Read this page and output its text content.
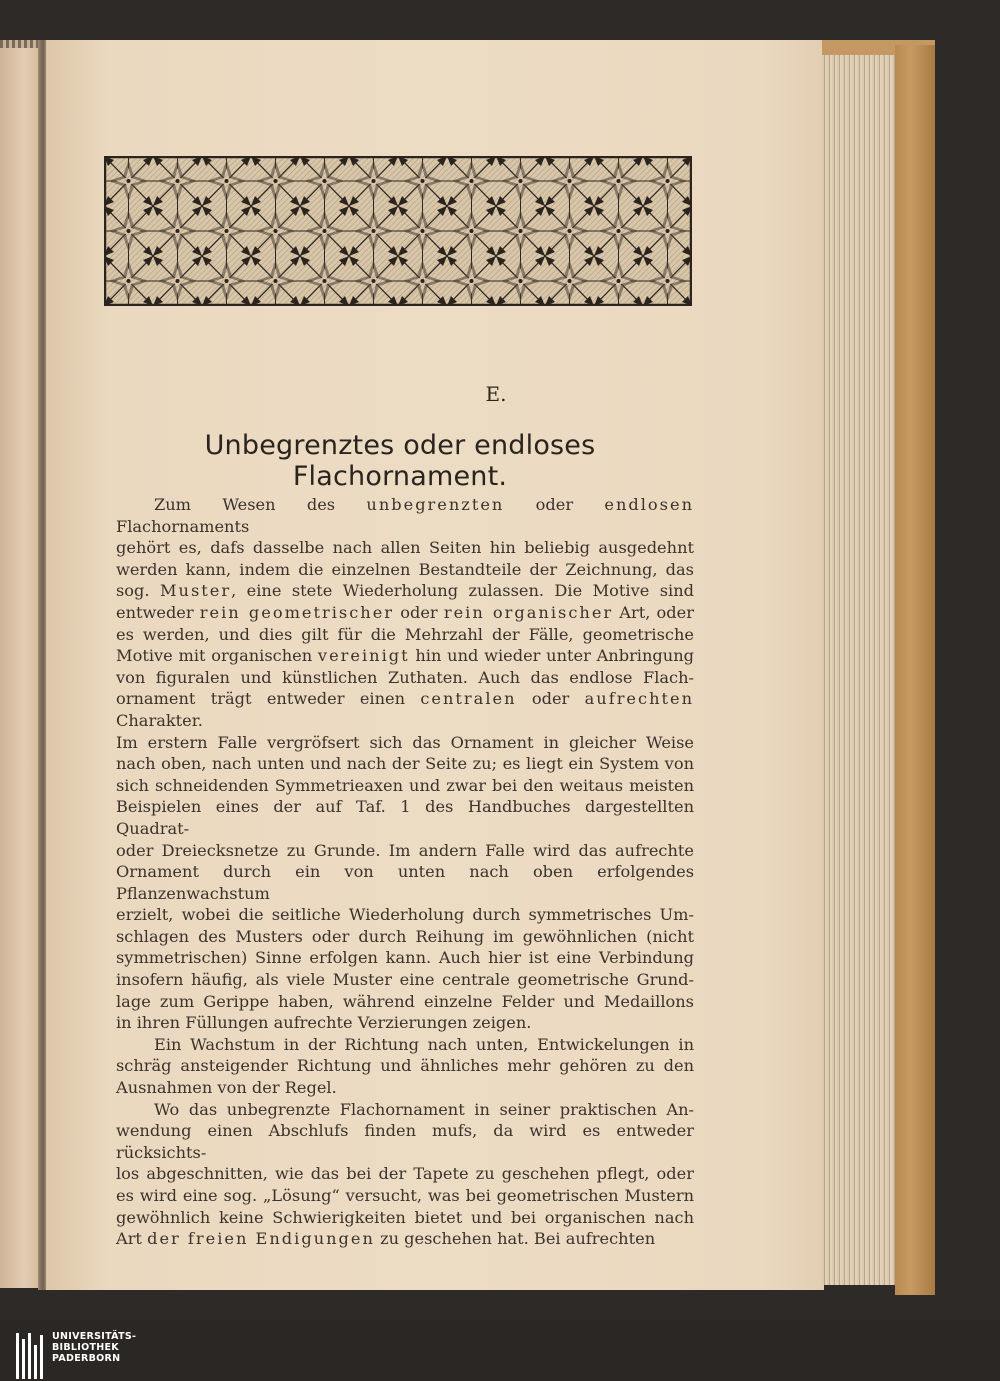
E.
Unbegrenztes oder endloses Flachornament.

Zum Wesen des unbegrenzten oder endlosen Flachornaments

gehört es, dafs dasselbe nach allen Seiten hin beliebig ausgedehnt

werden kann, indem die einzelnen Bestandteile der Zeichnung, das

sog. Muster, eine stete Wiederholung zulassen. Die Motive sind

entweder rein geometrischer oder rein organischer Art, oder

es werden, und dies gilt für die Mehrzahl der Fälle, geometrische

Motive mit organischen vereinigt hin und wieder unter Anbringung

von figuralen und künstlichen Zuthaten. Auch das endlose Flach-

ornament trägt entweder einen centralen oder aufrechten Charakter.

Im erstern Falle vergröfsert sich das Ornament in gleicher Weise

nach oben, nach unten und nach der Seite zu; es liegt ein System von

sich schneidenden Symmetrieaxen und zwar bei den weitaus meisten

Beispielen eines der auf Taf. 1 des Handbuches dargestellten Quadrat-

oder Dreiecksnetze zu Grunde. Im andern Falle wird das aufrechte

Ornament durch ein von unten nach oben erfolgendes Pflanzenwachstum

erzielt, wobei die seitliche Wiederholung durch symmetrisches Um-

schlagen des Musters oder durch Reihung im gewöhnlichen (nicht

symmetrischen) Sinne erfolgen kann. Auch hier ist eine Verbindung

insofern häufig, als viele Muster eine centrale geometrische Grund-

lage zum Gerippe haben, während einzelne Felder und Medaillons

in ihren Füllungen aufrechte Verzierungen zeigen.

Ein Wachstum in der Richtung nach unten, Entwickelungen in

schräg ansteigender Richtung und ähnliches mehr gehören zu den

Ausnahmen von der Regel.

Wo das unbegrenzte Flachornament in seiner praktischen An-

wendung einen Abschlufs finden mufs, da wird es entweder rücksichts-

los abgeschnitten, wie das bei der Tapete zu geschehen pflegt, oder

es wird eine sog. „Lösung“ versucht, was bei geometrischen Mustern

gewöhnlich keine Schwierigkeiten bietet und bei organischen nach

Art der freien Endigungen zu geschehen hat. Bei aufrechten

UNIVERSITÄTS-
BIBLIOTHEK
PADERBORN
